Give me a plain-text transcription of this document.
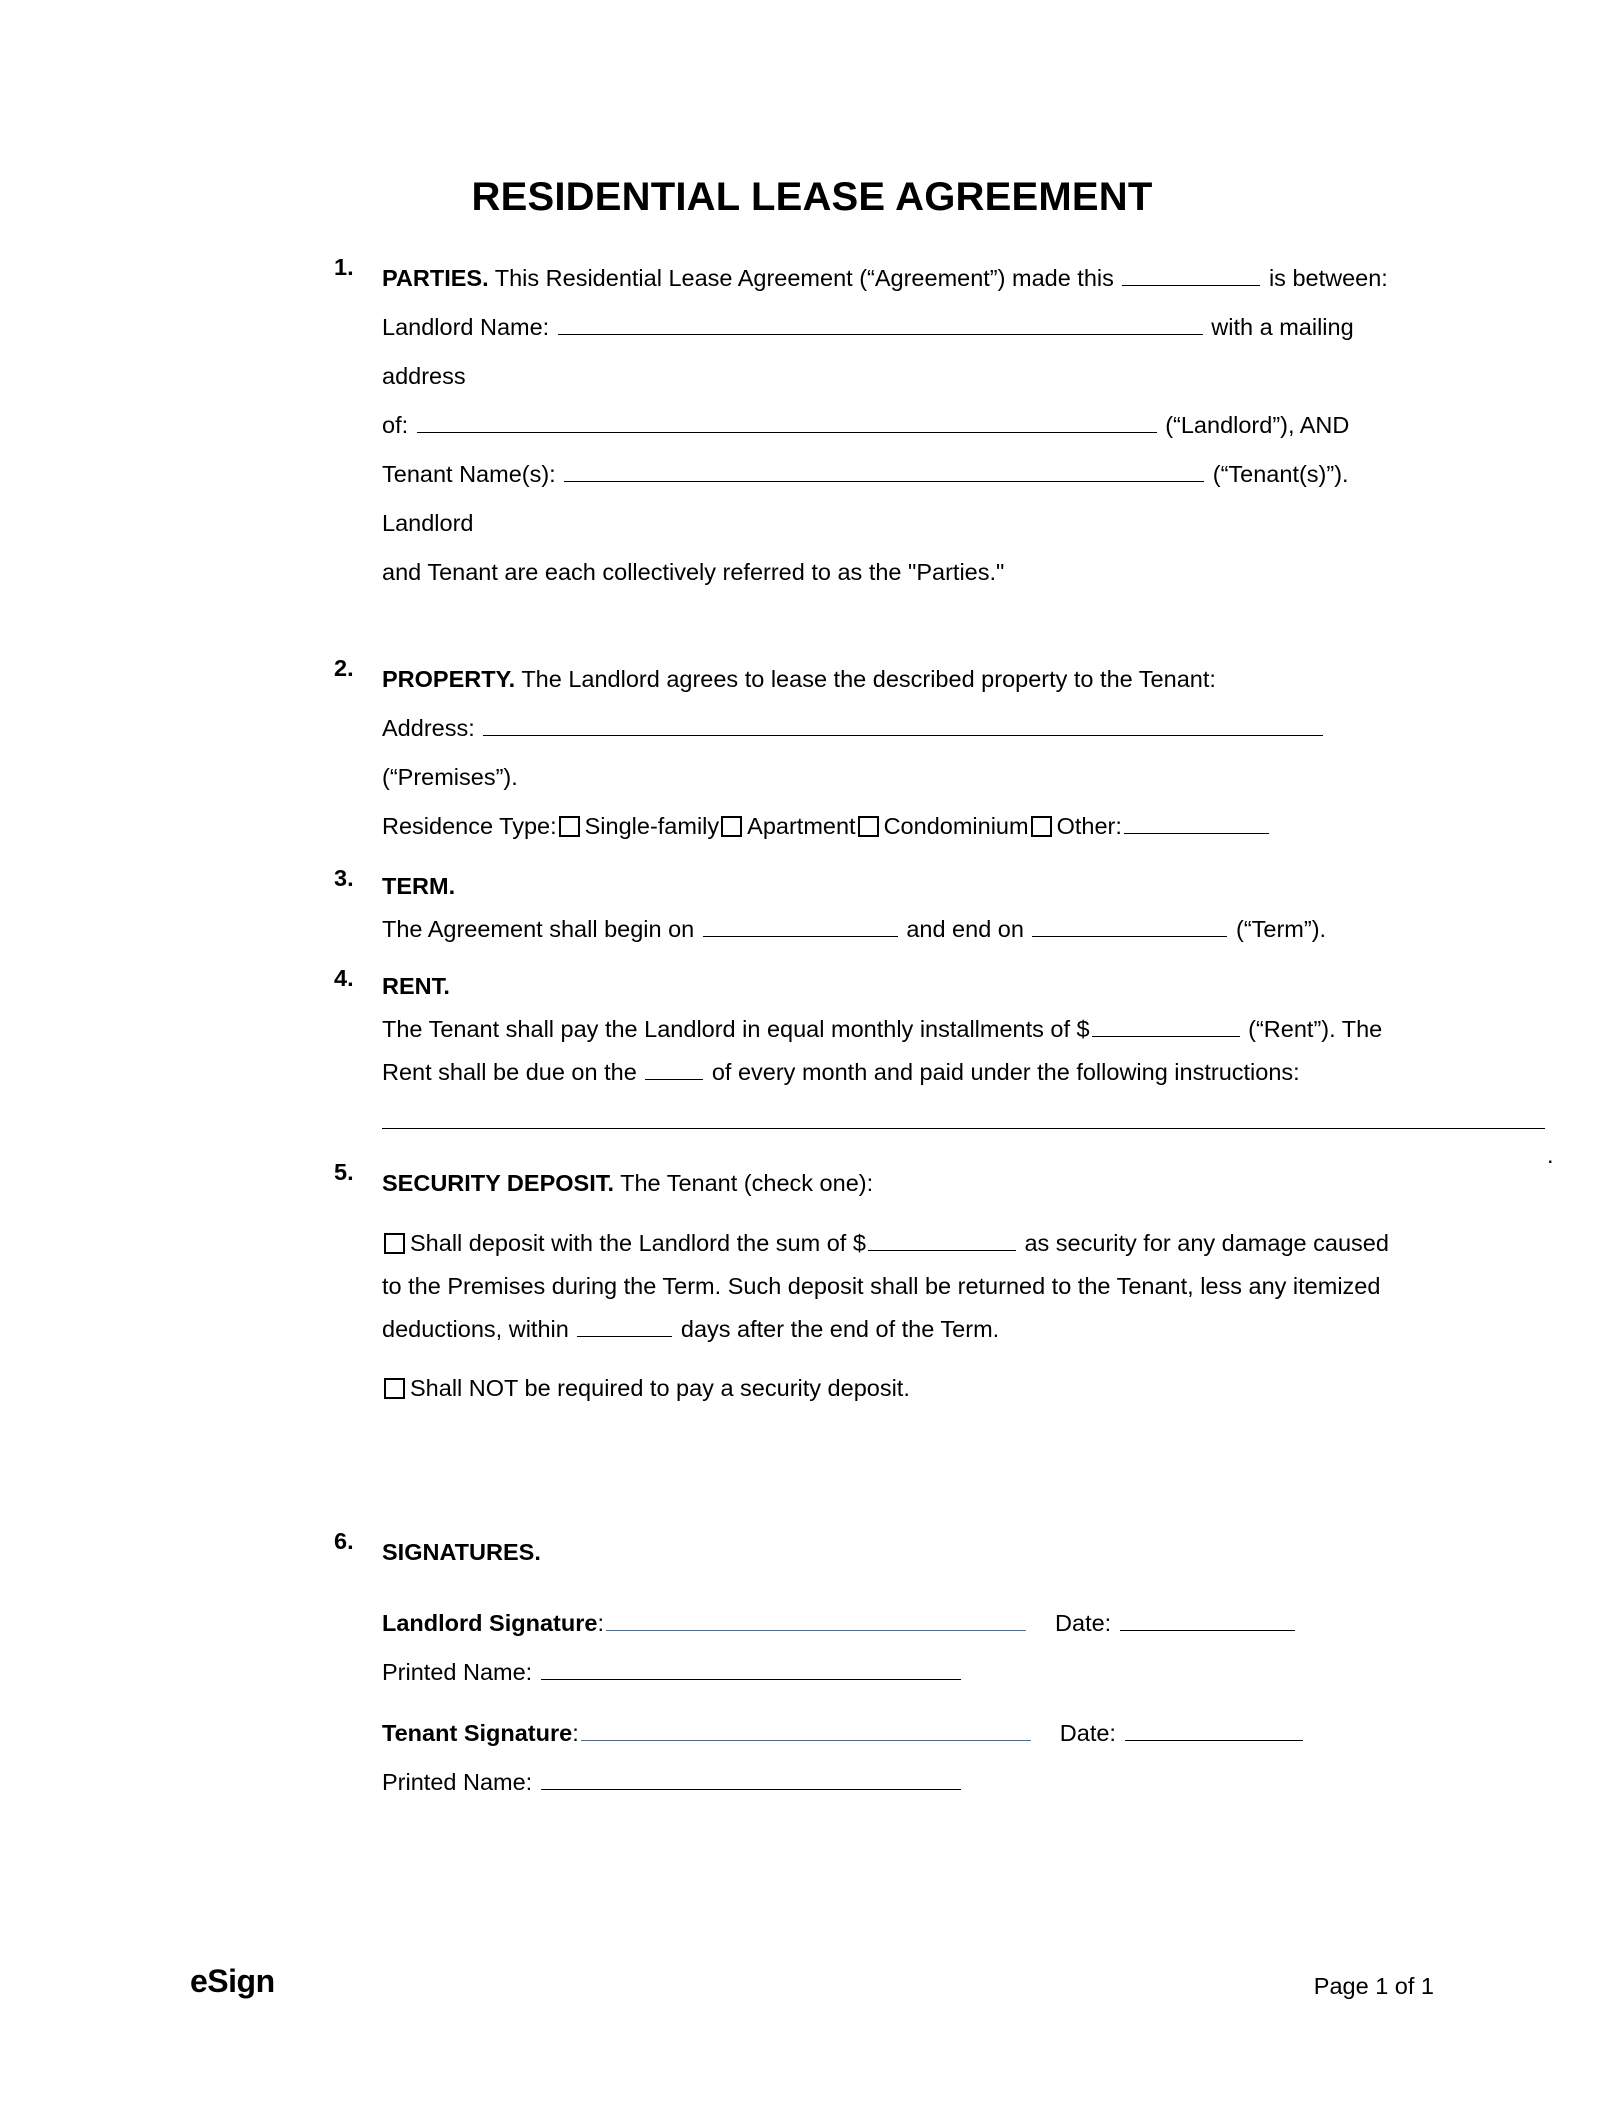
RESIDENTIAL LEASE AGREEMENT
1. PARTIES. This Residential Lease Agreement (“Agreement”) made this	is between:
Landlord Name:	with a mailing address
of:	(“Landlord”), AND
Tenant Name(s):	(“Tenant(s)”). Landlord
and Tenant are each collectively referred to as the "Parties."
2. PROPERTY. The Landlord agrees to lease the described property to the Tenant:
Address:  (“Premises”).
Residence Type: Single-family Apartment Condominium Other:
3. TERM.
The Agreement shall begin on	and end on	(“Term”).
4. RENT.
The Tenant shall pay the Landlord in equal monthly installments of $	(“Rent”). The
Rent shall be due on the	of every month and paid under the following instructions:
.
5. SECURITY DEPOSIT. The Tenant (check one):
Shall deposit with the Landlord the sum of $	as security for any damage caused
to the Premises during the Term. Such deposit shall be returned to the Tenant, less any itemized
deductions, within	days after the end of the Term.
Shall NOT be required to pay a security deposit.
6. SIGNATURES.
Landlord Signature:	Date:
Printed Name:
Tenant Signature:	Date:
Printed Name:
eSign	Page 1 of 1
